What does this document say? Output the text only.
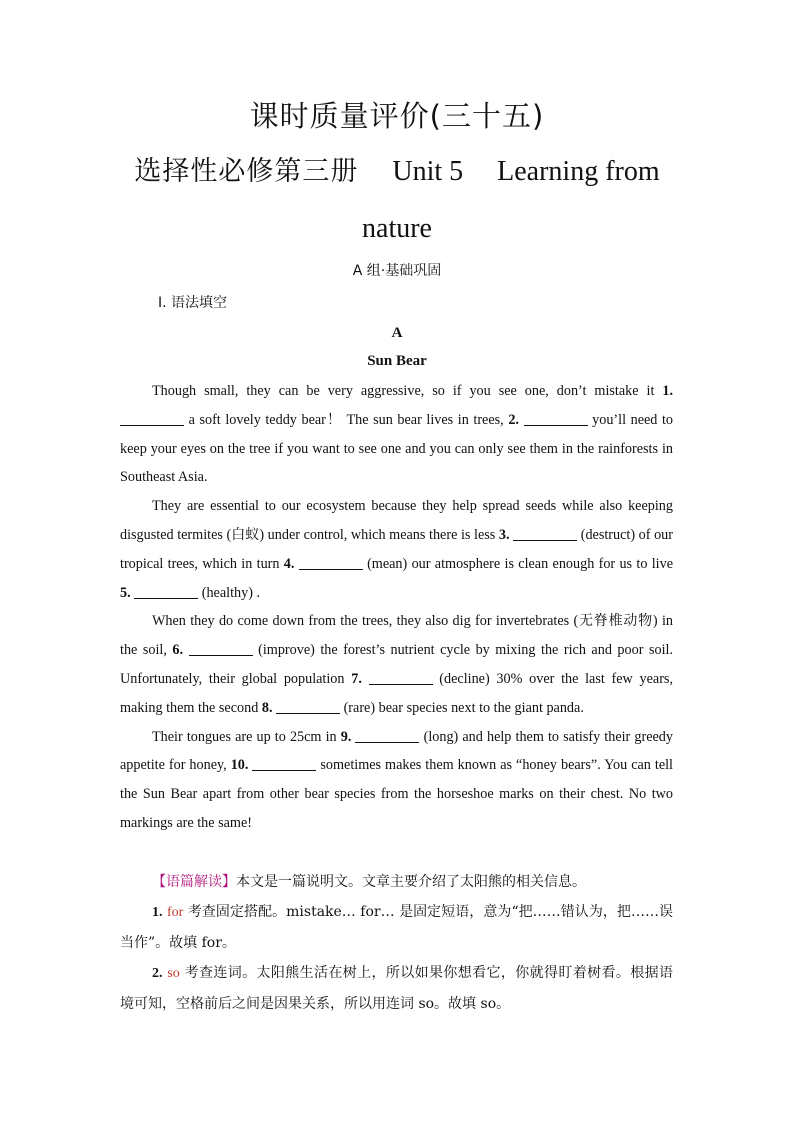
课时质量评价(三十五)
选择性必修第三册 Unit 5 Learning from
nature
A 组·基础巩固
Ⅰ. 语法填空
A
Sun Bear

Though small, they can be very aggressive, so if you see one, don’t mistake it 1.  a soft lovely teddy bear！ The sun bear lives in trees, 2.	you’ll need to keep your eyes on the tree if you want to see one and you can only see them in the rainforests in Southeast Asia.

They are essential to our ecosystem because they help spread seeds while also keeping disgusted termites (白蚁) under control, which means there is less 3.	(destruct) of our tropical trees, which in turn 4.	(mean) our atmosphere is clean enough for us to live 5.	(healthy) .

When they do come down from the trees, they also dig for invertebrates (无脊椎动物) in the soil, 6.	(improve) the forest’s nutrient cycle by mixing the rich and poor soil. Unfortunately, their global population 7.	(decline) 30% over the last few years, making them the second 8.	(rare) bear species next to the giant panda.

Their tongues are up to 25cm in 9.	(long) and help them to satisfy their greedy appetite for honey, 10.	sometimes makes them known as “honey bears”. You can tell the Sun Bear apart from other bear species from the horseshoe marks on their chest. No two markings are the same!

【语篇解读】本文是一篇说明文。文章主要介绍了太阳熊的相关信息。

1. for 考查固定搭配。mistake… for… 是固定短语，意为“把……错认为，把……误当作”。故填 for。

2. so 考查连词。太阳熊生活在树上，所以如果你想看它，你就得盯着树看。根据语境可知，空格前后之间是因果关系，所以用连词 so。故填 so。
